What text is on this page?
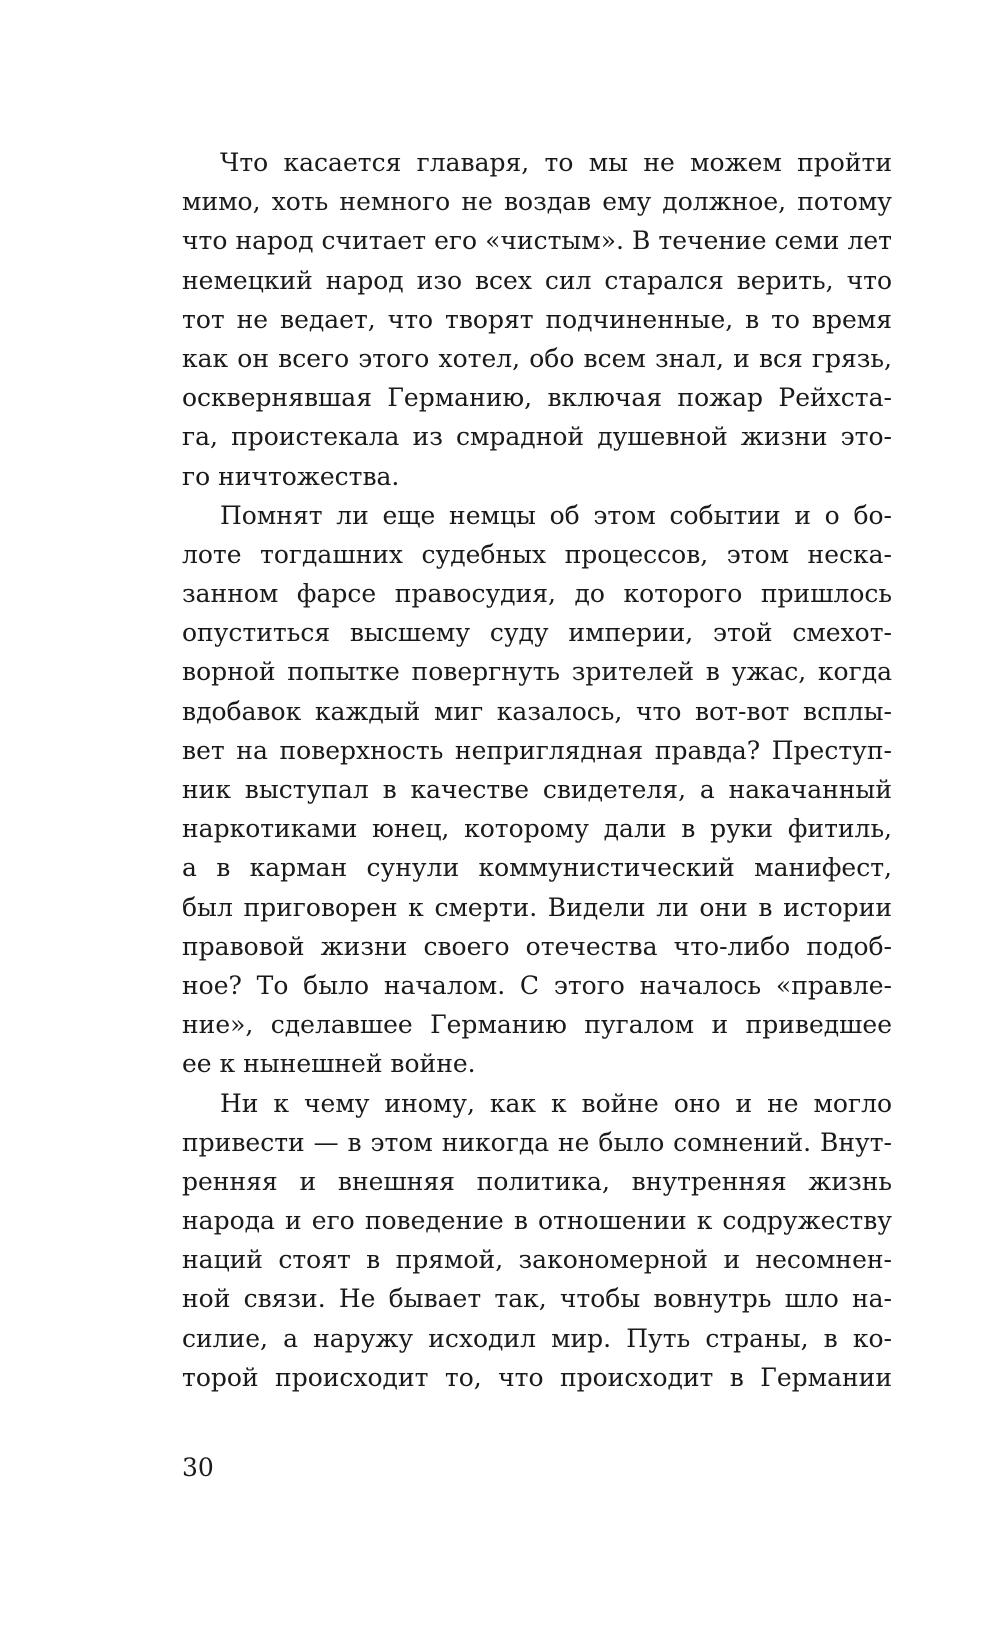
Что касается главаря, то мы не можем пройти
мимо, хоть немного не воздав ему должное, потому
что народ считает его «чистым». В течение семи лет
немецкий народ изо всех сил старался верить, что
тот не ведает, что творят подчиненные, в то время
как он всего этого хотел, обо всем знал, и вся грязь,
осквернявшая Германию, включая пожар Рейхста-
га, проистекала из смрадной душевной жизни это-
го ничтожества.
Помнят ли еще немцы об этом событии и о бо-
лоте тогдашних судебных процессов, этом неска-
занном фарсе правосудия, до которого пришлось
опуститься высшему суду империи, этой смехот-
ворной попытке повергнуть зрителей в ужас, когда
вдобавок каждый миг казалось, что вот-вот всплы-
вет на поверхность неприглядная правда? Преступ-
ник выступал в качестве свидетеля, а накачанный
наркотиками юнец, которому дали в руки фитиль,
а в карман сунули коммунистический манифест,
был приговорен к смерти. Видели ли они в истории
правовой жизни своего отечества что-либо подоб-
ное? То было началом. С этого началось «правле-
ние», сделавшее Германию пугалом и приведшее
ее к нынешней войне.
Ни к чему иному, как к войне оно и не могло
привести — в этом никогда не было сомнений. Внут-
ренняя и внешняя политика, внутренняя жизнь
народа и его поведение в отношении к содружеству
наций стоят в прямой, закономерной и несомнен-
ной связи. Не бывает так, чтобы вовнутрь шло на-
силие, а наружу исходил мир. Путь страны, в ко-
торой происходит то, что происходит в Германии
30
